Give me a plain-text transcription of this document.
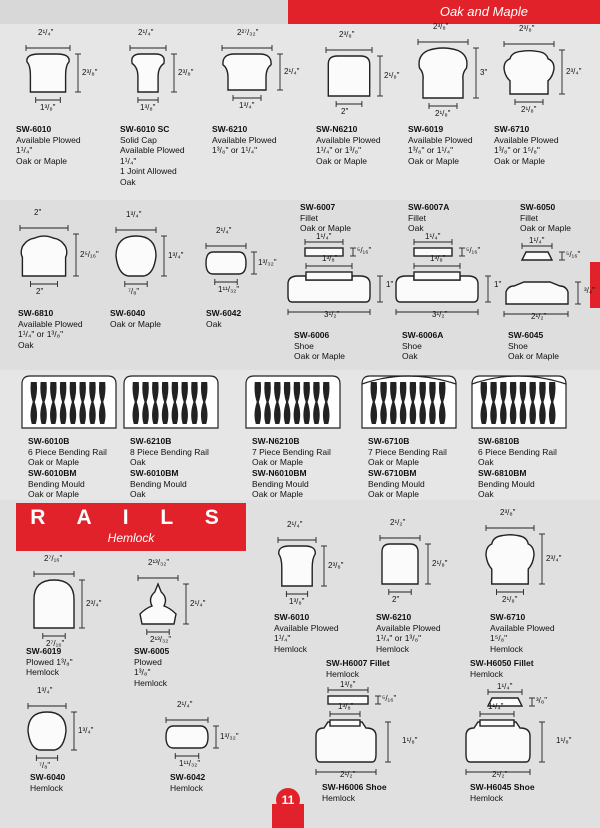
Oak and Maple
R A I L S
Hemlock
2¹/₄"
2³/₈"
1³/₈"
SW-6010
Available Plowed
1¹/₄"
Oak or Maple
2¹/₄"
2³/₈"
1³/₈"
SW-6010 SC
Solid Cap
Available Plowed
1¹/₄"
1 Joint Allowed
Oak
2²⁷/₃₂"
2¹/₄"
1³/₄"
SW-6210
Available Plowed
1³/₈" or 1¹/₄"
2³/₈"
2¹/₈"
2"
SW-N6210
Available Plowed
1¹/₄" or 1³/₈"
Oak or Maple
2³/₈"
3"
2¹/₈"
SW-6019
Available Plowed
1³/₈" or 1¹/₄"
Oak or Maple
2³/₈"
2³/₄"
2¹/₈"
SW-6710
Available Plowed
1³/₈" or 1⁵/₈"
Oak or Maple
2"
2⁵/₁₆"
2"
SW-6810
Available Plowed
1¹/₄" or 1³/₈"
Oak
1³/₄"
1³/₄"
⁷/₈"
SW-6040
Oak or Maple
2¹/₄"
1³/₃₂"
1¹¹/₃₂"
SW-6042
Oak
SW-6007
Fillet
Oak or Maple
1¹/₄"
⁵/₁₆"
1"
3¹/₂"
1³/₈"
SW-6006
Shoe
Oak or Maple
SW-6007A
Fillet
Oak
1¹/₄"
⁵/₁₆"
1"
3¹/₂"
1³/₈"
SW-6006A
Shoe
Oak
SW-6050
Fillet
Oak or Maple
1¹/₄"
⁵/₁₆"
³/₄"
2¹/₂"
SW-6045
Shoe
Oak or Maple
SW-6010B
6 Piece Bending Rail
Oak or Maple
SW-6010BM
Bending Mould
Oak or Maple
SW-6210B
8 Piece Bending Rail
Oak
SW-6010BM
Bending Mould
Oak
SW-N6210B
7 Piece Bending Rail
Oak or Maple
SW-N6010BM
Bending Mould
Oak or Maple
SW-6710B
7 Piece Bending Rail
Oak or Maple
SW-6710BM
Bending Mould
Oak or Maple
SW-6810B
6 Piece Bending Rail
Oak
SW-6810BM
Bending Mould
Oak
2⁷/₁₆"
2³/₄"
2⁷/₁₆"
SW-6019
Plowed 1³/₈"
Hemlock
2¹³/₃₂"
2¹/₄"
2¹³/₃₂"
SW-6005
Plowed
1³/₈"
Hemlock
2¹/₄"
2³/₈"
1³/₈"
SW-6010
Available Plowed
1¹/₄"
Hemlock
2¹/₂"
2¹/₈"
2"
SW-6210
Available Plowed
1¹/₄" or 1³/₈"
Hemlock
2³/₈"
2³/₄"
2¹/₈"
SW-6710
Available Plowed
1⁵/₈"
Hemlock
1³/₄"
1³/₄"
⁷/₈"
SW-6040
Hemlock
2¹/₄"
1³/₃₂"
1¹¹/₃₂"
SW-6042
Hemlock
SW-H6007 Fillet
Hemlock
1³/₈"
⁵/₁₆"
1³/₈"
1¹/₈"
2¹/₂"
SW-H6006 Shoe
Hemlock
SW-H6050 Fillet
Hemlock
1¹/₄"
³/₈"
1¹/₄"
1¹/₈"
2¹/₂"
SW-H6045 Shoe
Hemlock
11
